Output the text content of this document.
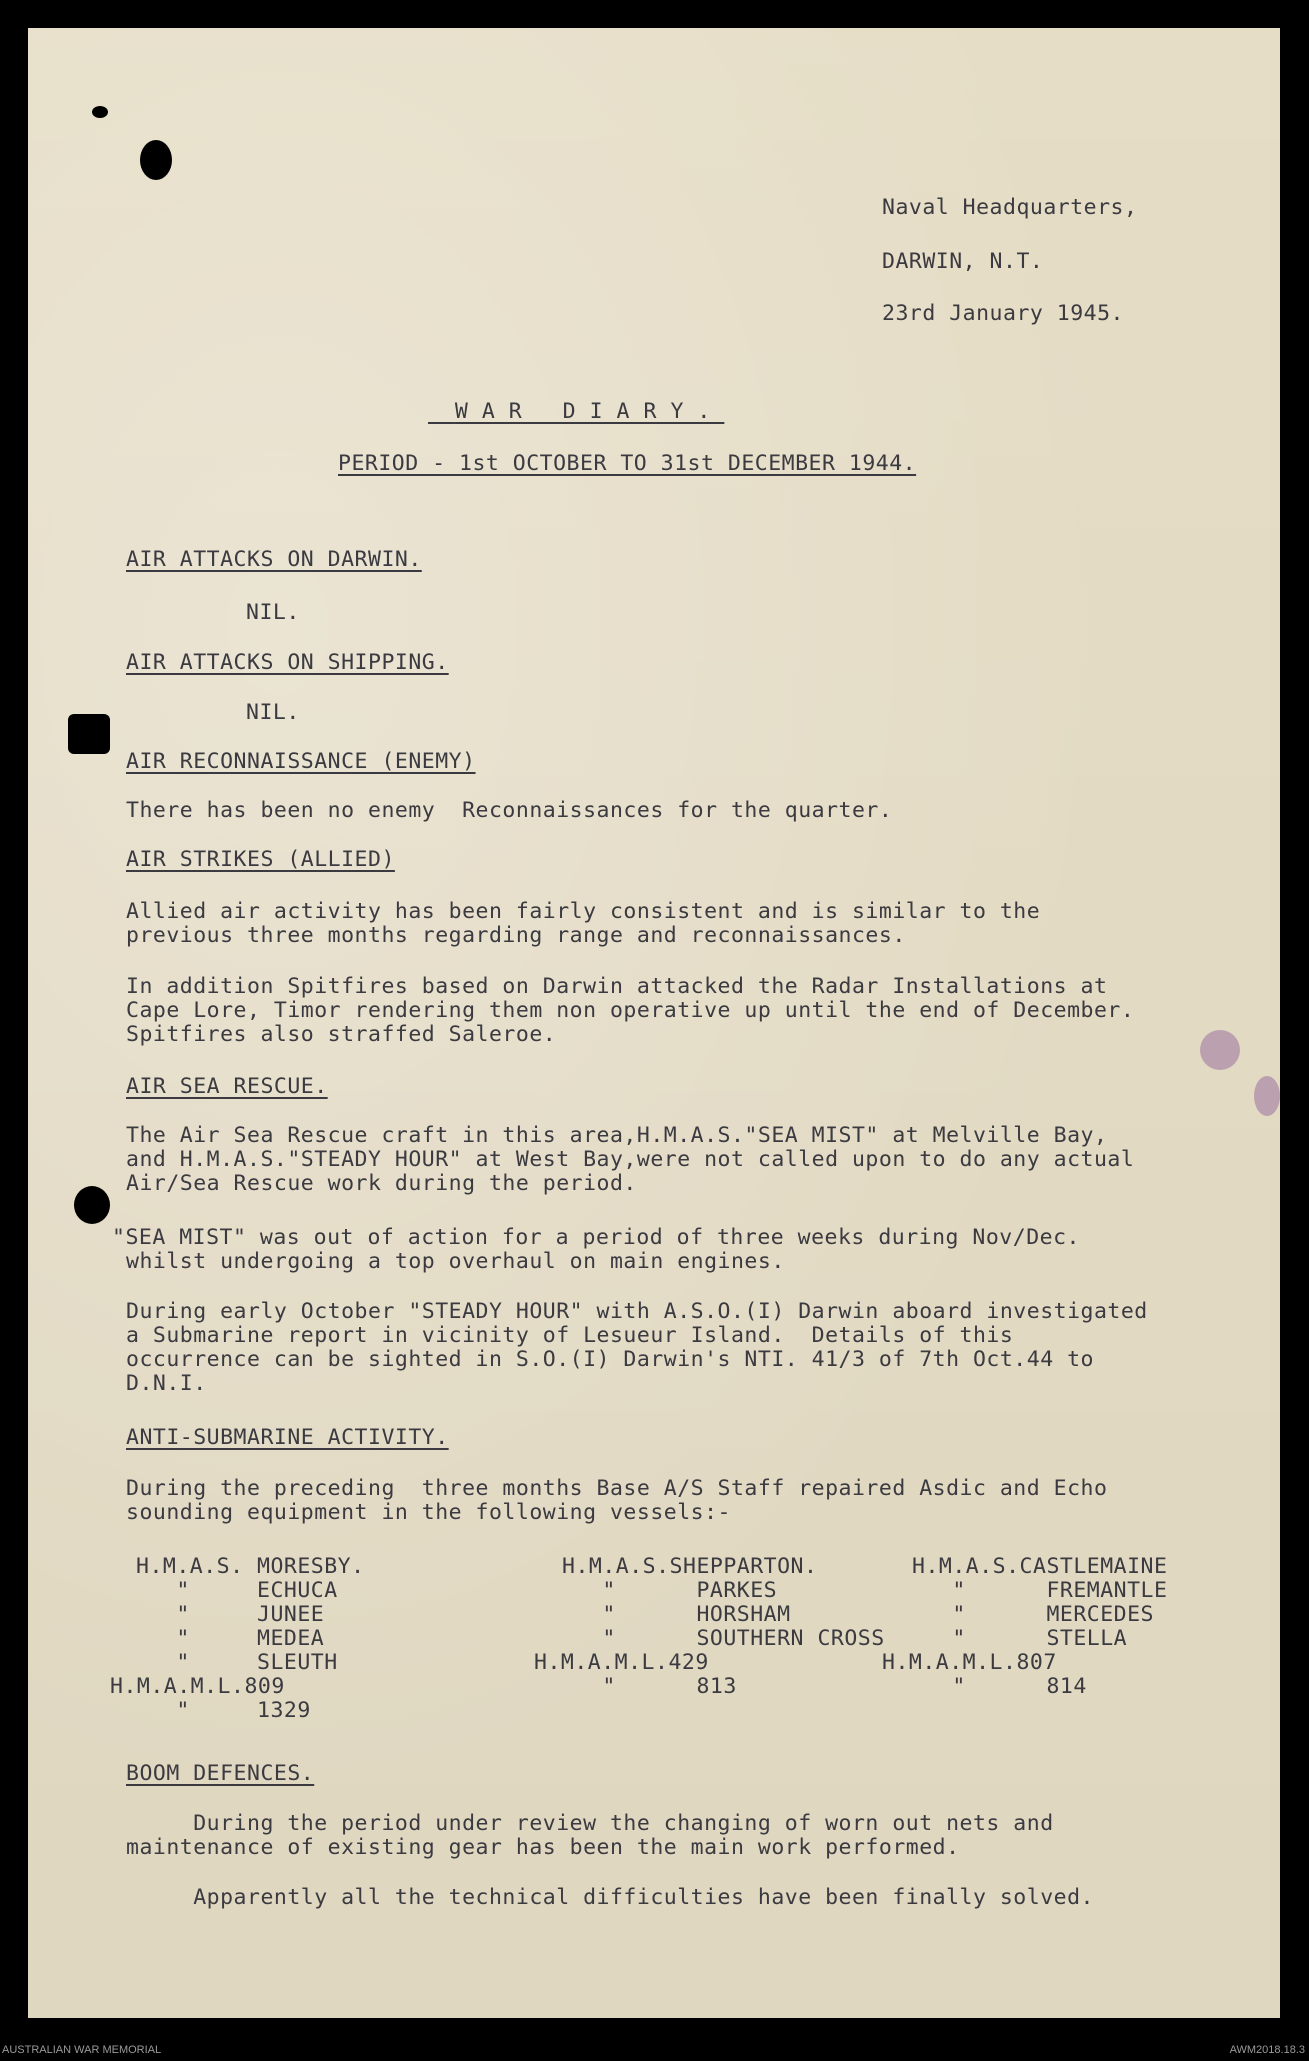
Naval Headquarters,
DARWIN, N.T.
23rd January 1945.

WAR DIARY.

PERIOD - 1st OCTOBER TO 31st DECEMBER 1944.
AIR ATTACKS ON DARWIN.
NIL.
AIR ATTACKS ON SHIPPING.
NIL.
AIR RECONNAISSANCE (ENEMY)
There has been no enemy  Reconnaissances for the quarter.
AIR STRIKES (ALLIED)
Allied air activity has been fairly consistent and is similar to the
previous three months regarding range and reconnaissances.
In addition Spitfires based on Darwin attacked the Radar Installations at
Cape Lore, Timor rendering them non operative up until the end of December.
Spitfires also straffed Saleroe.
AIR SEA RESCUE.
The Air Sea Rescue craft in this area,H.M.A.S."SEA MIST" at Melville Bay,
and H.M.A.S."STEADY HOUR" at West Bay,were not called upon to do any actual
Air/Sea Rescue work during the period.
"SEA MIST" was out of action for a period of three weeks during Nov/Dec.
whilst undergoing a top overhaul on main engines.
During early October "STEADY HOUR" with A.S.O.(I) Darwin aboard investigated
a Submarine report in vicinity of Lesueur Island.  Details of this
occurrence can be sighted in S.O.(I) Darwin's NTI. 41/3 of 7th Oct.44 to
D.N.I.
ANTI-SUBMARINE ACTIVITY.
During the preceding  three months Base A/S Staff repaired Asdic and Echo
sounding equipment in the following vessels:-
H.M.A.S. MORESBY.
"     ECHUCA
"     JUNEE
"     MEDEA
"     SLEUTH
H.M.A.M.L.809
"     1329
H.M.A.S.SHEPPARTON.
"      PARKES
"      HORSHAM
"      SOUTHERN CROSS
H.M.A.M.L.429
"      813
H.M.A.S.CASTLEMAINE
"      FREMANTLE
"      MERCEDES
"      STELLA
H.M.A.M.L.807
"      814
BOOM DEFENCES.
During the period under review the changing of worn out nets and
maintenance of existing gear has been the main work performed.
Apparently all the technical difficulties have been finally solved.
AUSTRALIAN WAR MEMORIAL	AWM2018.18.3
